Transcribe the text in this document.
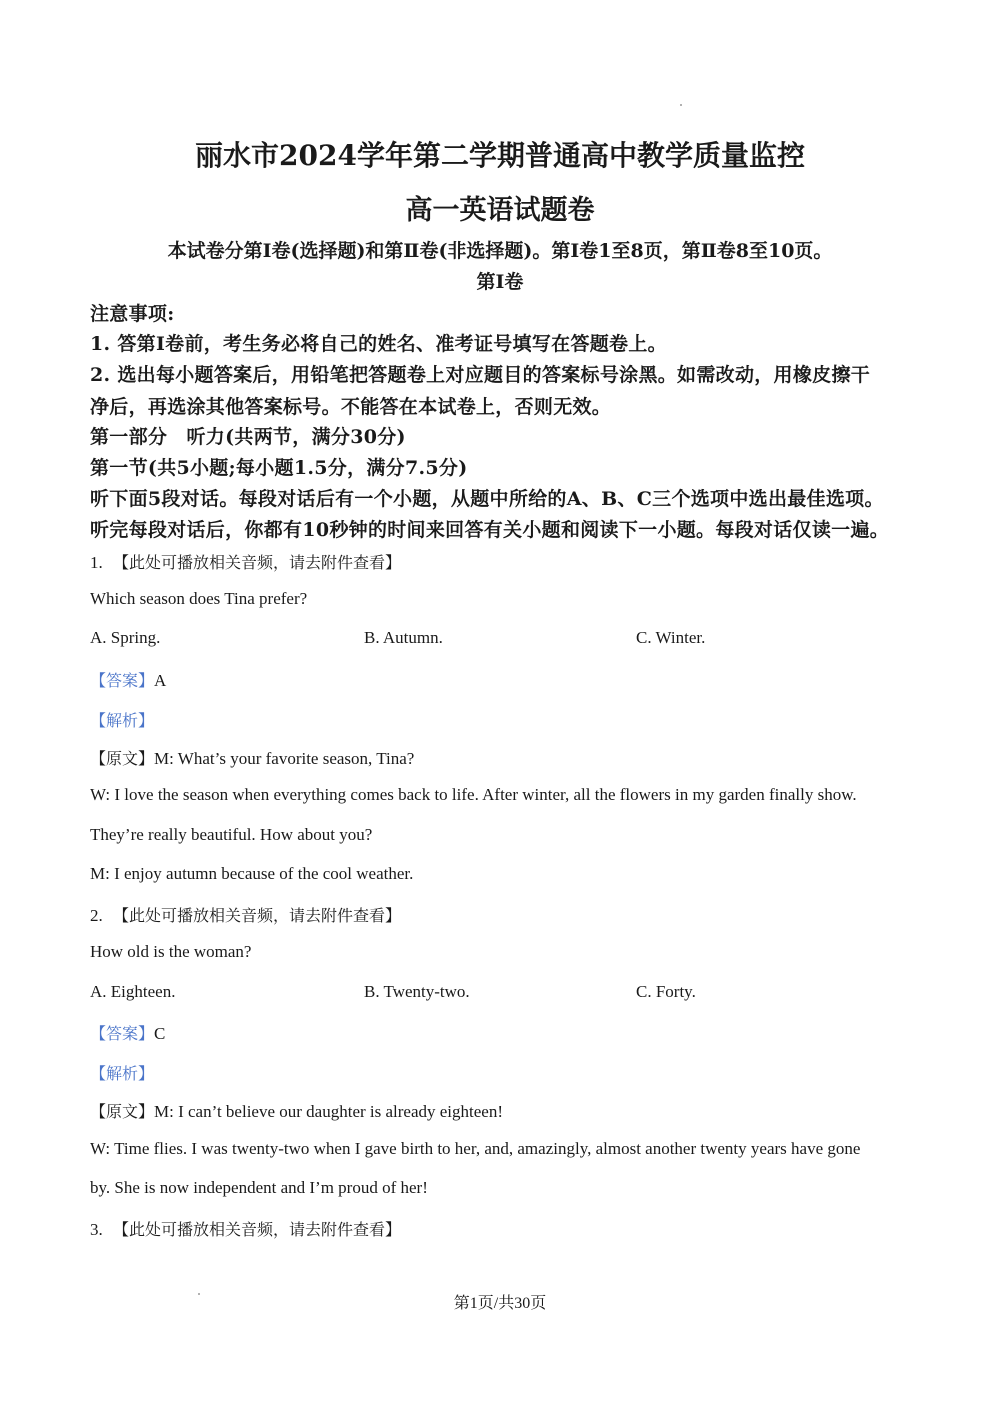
丽水市2024学年第二学期普通高中教学质量监控
高一英语试题卷
本试卷分第Ⅰ卷(选择题)和第Ⅱ卷(非选择题)。第Ⅰ卷1至8页，第Ⅱ卷8至10页。
第Ⅰ卷
注意事项:
1. 答第Ⅰ卷前，考生务必将自己的姓名、准考证号填写在答题卷上。
2. 选出每小题答案后，用铅笔把答题卷上对应题目的答案标号涂黑。如需改动，用橡皮擦干
净后，再选涂其他答案标号。不能答在本试卷上，否则无效。
第一部分　听力(共两节，满分30分)
第一节(共5小题;每小题1.5分，满分7.5分)
听下面5段对话。每段对话后有一个小题，从题中所给的A、B、C三个选项中选出最佳选项。
听完每段对话后，你都有10秒钟的时间来回答有关小题和阅读下一小题。每段对话仅读一遍。
1. 【此处可播放相关音频，请去附件查看】
Which season does Tina prefer?
A. Spring.	B. Autumn.	C. Winter.
【答案】A
【解析】
【原文】M: What’s your favorite season, Tina?
W: I love the season when everything comes back to life. After winter, all the flowers in my garden finally show.
They’re really beautiful. How about you?
M: I enjoy autumn because of the cool weather.
2. 【此处可播放相关音频，请去附件查看】
How old is the woman?
A. Eighteen.	B. Twenty-two.	C. Forty.
【答案】C
【解析】
【原文】M: I can’t believe our daughter is already eighteen!
W: Time flies. I was twenty-two when I gave birth to her, and, amazingly, almost another twenty years have gone
by. She is now independent and I’m proud of her!
3. 【此处可播放相关音频，请去附件查看】
第1页/共30页
